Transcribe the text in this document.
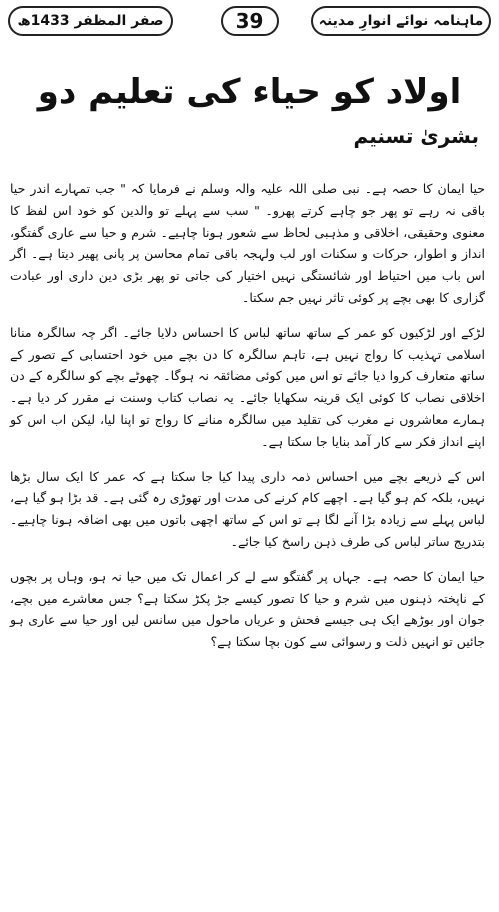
صفر المظفر 1433ھ	39	ماہنامہ نوائے انوارِ مدینہ
اولاد کو حیاء کی تعلیم دو
بشریٰ تسنیم

حیا ایمان کا حصہ ہے۔ نبی صلی اللہ علیہ والہ وسلم نے فرمایا کہ " جب تمہارے اندر حیا باقی نہ رہے تو پھر جو چاہے کرتے پھرو۔ " سب سے پہلے تو والدین کو خود اس لفظ کا معنوی وحقیقی، اخلاقی و مذہبی لحاظ سے شعور ہونا چاہیے۔ شرم و حیا سے عاری گفتگو، انداز و اطوار، حرکات و سکنات اور لب ولہجہ باقی تمام محاسن پر پانی پھیر دیتا ہے۔ اگر اس باب میں احتیاط اور شائستگی نہیں اختیار کی جاتی تو پھر بڑی دین داری اور عبادت گزاری کا بھی بچے پر کوئی تاثر نہیں جم سکتا۔

لڑکے اور لڑکیوں کو عمر کے ساتھ ساتھ لباس کا احساس دلایا جائے۔ اگر چہ سالگرہ منانا اسلامی تہذیب کا رواج نہیں ہے، تاہم سالگرہ کا دن بچے میں خود احتسابی کے تصور کے ساتھ متعارف کروا دیا جائے تو اس میں کوئی مضائقہ نہ ہوگا۔ چھوٹے بچے کو سالگرہ کے دن اخلاقی نصاب کا کوئی ایک قرینہ سکھایا جائے۔ یہ نصاب کتاب وسنت نے مقرر کر دیا ہے۔ ہمارے معاشروں نے مغرب کی تقلید میں سالگرہ منانے کا رواج تو اپنا لیا، لیکن اب اس کو اپنے انداز فکر سے کار آمد بنایا جا سکتا ہے۔

اس کے ذریعے بچے میں احساس ذمہ داری پیدا کیا جا سکتا ہے کہ عمر کا ایک سال بڑھا نہیں، بلکہ کم ہو گیا ہے۔ اچھے کام کرنے کی مدت اور تھوڑی رہ گئی ہے۔ قد بڑا ہو گیا ہے، لباس پہلے سے زیادہ بڑا آنے لگا ہے تو اس کے ساتھ اچھی باتوں میں بھی اضافہ ہونا چاہیے۔ بتدریج ساتر لباس کی طرف ذہن راسخ کیا جائے۔

حیا ایمان کا حصہ ہے۔ جہاں پر گفتگو سے لے کر اعمال تک میں حیا نہ ہو، وہاں پر بچوں کے ناپختہ ذہنوں میں شرم و حیا کا تصور کیسے جڑ پکڑ سکتا ہے؟ جس معاشرے میں بچے، جوان اور بوڑھے ایک ہی جیسے فحش و عریاں ماحول میں سانس لیں اور حیا سے عاری ہو جائیں تو انہیں ذلت و رسوائی سے کون بچا سکتا ہے؟
